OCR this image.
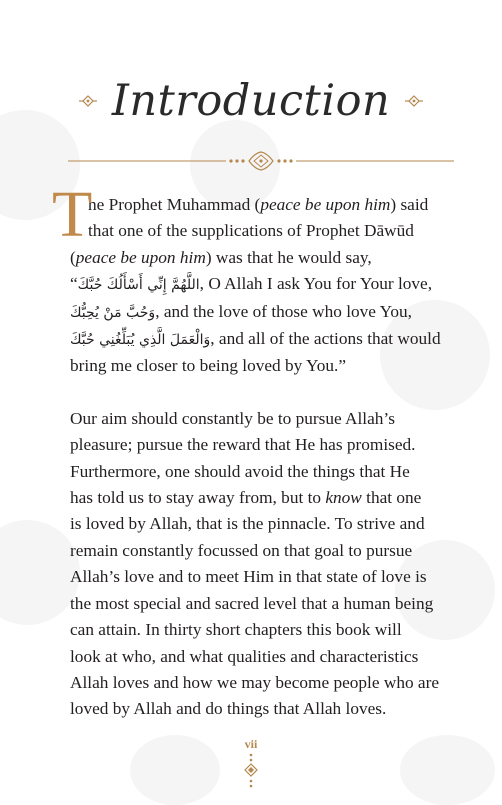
Introduction
T
he Prophet Muhammad (peace be upon him) said
that one of the supplications of Prophet Dāwūd
(peace be upon him) was that he would say,
“اللَّهُمَّ إِنِّي أَسْأَلُكَ حُبَّكَ, O Allah I ask You for Your love,
وَحُبَّ مَنْ يُحِبُّكَ, and the love of those who love You,
وَالْعَمَلَ الَّذِي يُبَلِّغُنِي حُبَّكَ, and all of the actions that would
bring me closer to being loved by You.”
Our aim should constantly be to pursue Allah’s
pleasure; pursue the reward that He has promised.
Furthermore, one should avoid the things that He
has told us to stay away from, but to know that one
is loved by Allah, that is the pinnacle. To strive and
remain constantly focussed on that goal to pursue
Allah’s love and to meet Him in that state of love is
the most special and sacred level that a human being
can attain. In thirty short chapters this book will
look at who, and what qualities and characteristics
Allah loves and how we may become people who are
loved by Allah and do things that Allah loves.
vii
